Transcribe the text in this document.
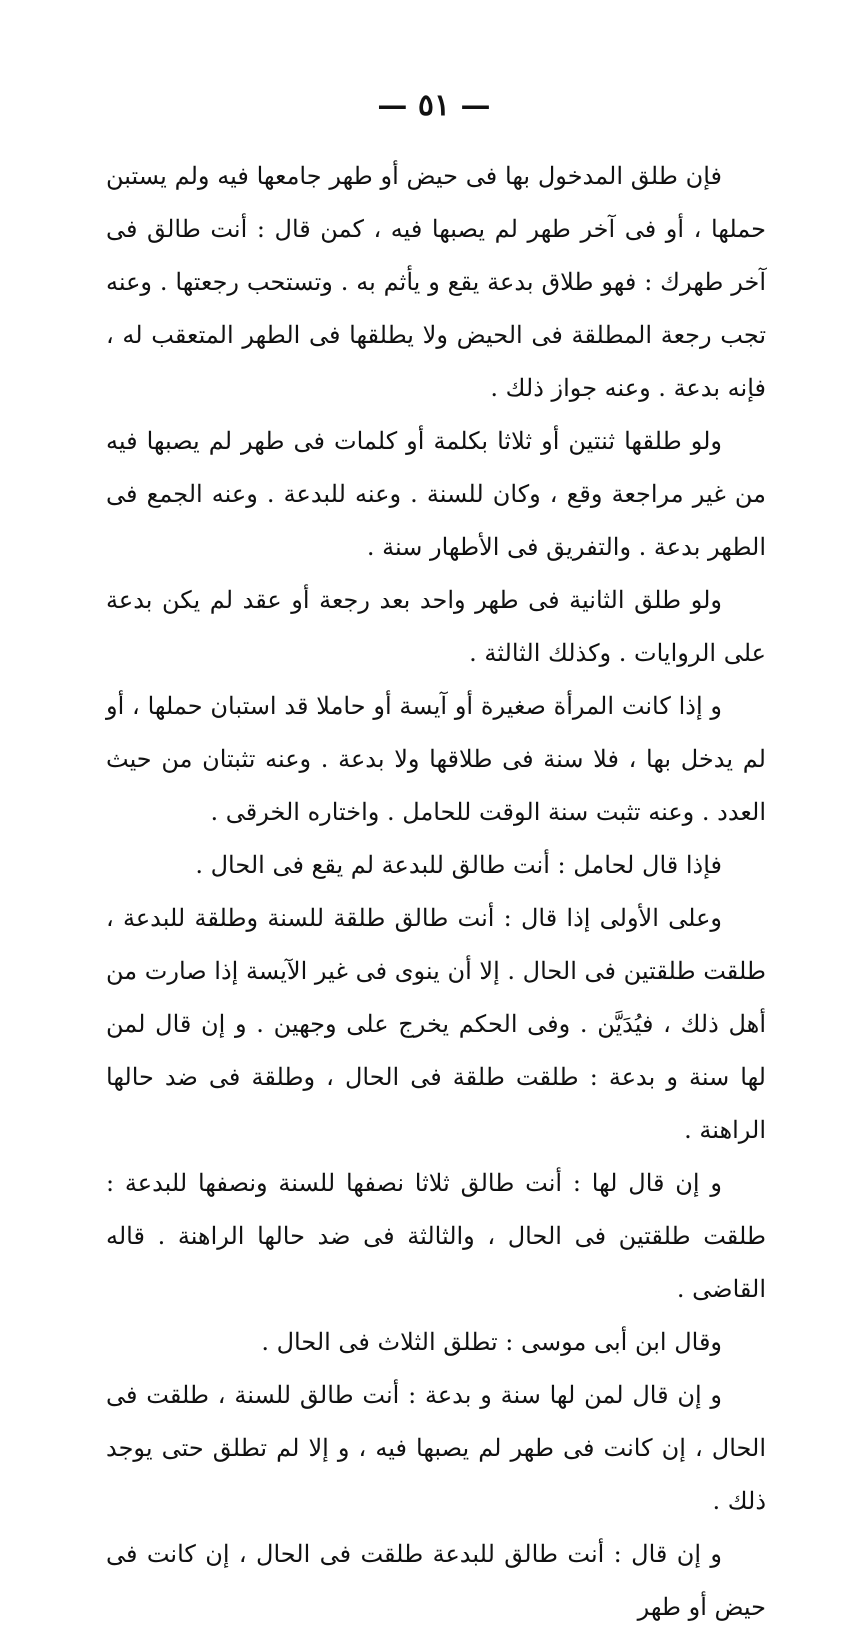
— ٥١ —

فإن طلق المدخول بها فى حيض أو طهر جامعها فيه ولم يستبن حملها ، أو فى آخر طهر لم يصبها فيه ، كمن قال : أنت طالق فى آخر طهرك : فهو طلاق بدعة يقع و يأثم به . وتستحب رجعتها . وعنه تجب رجعة المطلقة فى الحيض ولا يطلقها فى الطهر المتعقب له ، فإنه بدعة . وعنه جواز ذلك .

ولو طلقها ثنتين أو ثلاثا بكلمة أو كلمات فى طهر لم يصبها فيه من غير مراجعة وقع ، وكان للسنة . وعنه للبدعة . وعنه الجمع فى الطهر بدعة . والتفريق فى الأطهار سنة .

ولو طلق الثانية فى طهر واحد بعد رجعة أو عقد لم يكن بدعة على الروايات . وكذلك الثالثة .

و إذا كانت المرأة صغيرة أو آيسة أو حاملا قد استبان حملها ، أو لم يدخل بها ، فلا سنة فى طلاقها ولا بدعة . وعنه تثبتان من حيث العدد . وعنه تثبت سنة الوقت للحامل . واختاره الخرقى .

فإذا قال لحامل : أنت طالق للبدعة لم يقع فى الحال .

وعلى الأولى إذا قال : أنت طالق طلقة للسنة وطلقة للبدعة ، طلقت طلقتين فى الحال . إلا أن ينوى فى غير الآيسة إذا صارت من أهل ذلك ، فيُدَيَّن . وفى الحكم يخرج على وجهين . و إن قال لمن لها سنة و بدعة : طلقت طلقة فى الحال ، وطلقة فى ضد حالها الراهنة .

و إن قال لها : أنت طالق ثلاثا نصفها للسنة ونصفها للبدعة : طلقت طلقتين فى الحال ، والثالثة فى ضد حالها الراهنة . قاله القاضى .

وقال ابن أبى موسى : تطلق الثلاث فى الحال .

و إن قال لمن لها سنة و بدعة : أنت طالق للسنة ، طلقت فى الحال ، إن كانت فى طهر لم يصبها فيه ، و إلا لم تطلق حتى يوجد ذلك .

و إن قال : أنت طالق للبدعة طلقت فى الحال ، إن كانت فى حيض أو طهر
